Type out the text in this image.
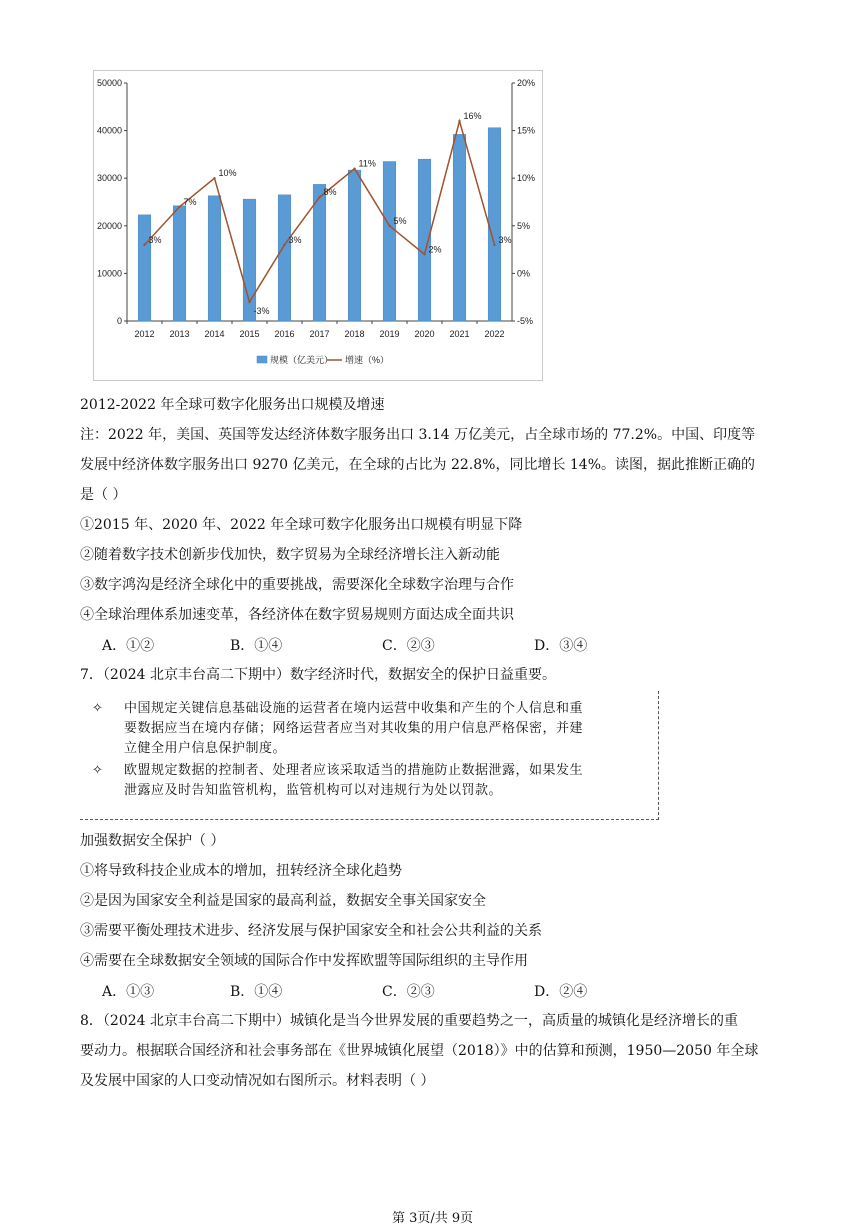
0
10000
20000
30000
40000
50000
-5%
0%
5%
10%
15%
20%
2012 2013 2014 2015 2016 2017 2018 2019 2020 2021 2022
3%
7%
10%
-3%
3%
8%
11%
5%
2%
16%
3%
规模（亿美元） 增速（%）
2012-2022 年全球可数字化服务出口规模及增速
注：2022 年，美国、英国等发达经济体数字服务出口 3.14 万亿美元，占全球市场的 77.2%。中国、印度等
发展中经济体数字服务出口 9270 亿美元，在全球的占比为 22.8%，同比增长 14%。读图，据此推断正确的
是（ ）
①2015 年、2020 年、2022 年全球可数字化服务出口规模有明显下降
②随着数字技术创新步伐加快，数字贸易为全球经济增长注入新动能
③数字鸿沟是经济全球化中的重要挑战，需要深化全球数字治理与合作
④全球治理体系加速变革，各经济体在数字贸易规则方面达成全面共识
A．①②	B．①④	C．②③	D．③④
7．（2024 北京丰台高二下期中）数字经济时代，数据安全的保护日益重要。
✧ 中国规定关键信息基础设施的运营者在境内运营中收集和产生的个人信息和重
要数据应当在境内存储；网络运营者应当对其收集的用户信息严格保密，并建
立健全用户信息保护制度。
✧ 欧盟规定数据的控制者、处理者应该采取适当的措施防止数据泄露，如果发生
泄露应及时告知监管机构，监管机构可以对违规行为处以罚款。
加强数据安全保护（ ）
①将导致科技企业成本的增加，扭转经济全球化趋势
②是因为国家安全利益是国家的最高利益，数据安全事关国家安全
③需要平衡处理技术进步、经济发展与保护国家安全和社会公共利益的关系
④需要在全球数据安全领域的国际合作中发挥欧盟等国际组织的主导作用
A．①③	B．①④	C．②③	D．②④
8．（2024 北京丰台高二下期中）城镇化是当今世界发展的重要趋势之一，高质量的城镇化是经济增长的重
要动力。根据联合国经济和社会事务部在《世界城镇化展望（2018）》中的估算和预测，1950—2050 年全球
及发展中国家的人口变动情况如右图所示。材料表明（ ）
第 3页/共 9页
